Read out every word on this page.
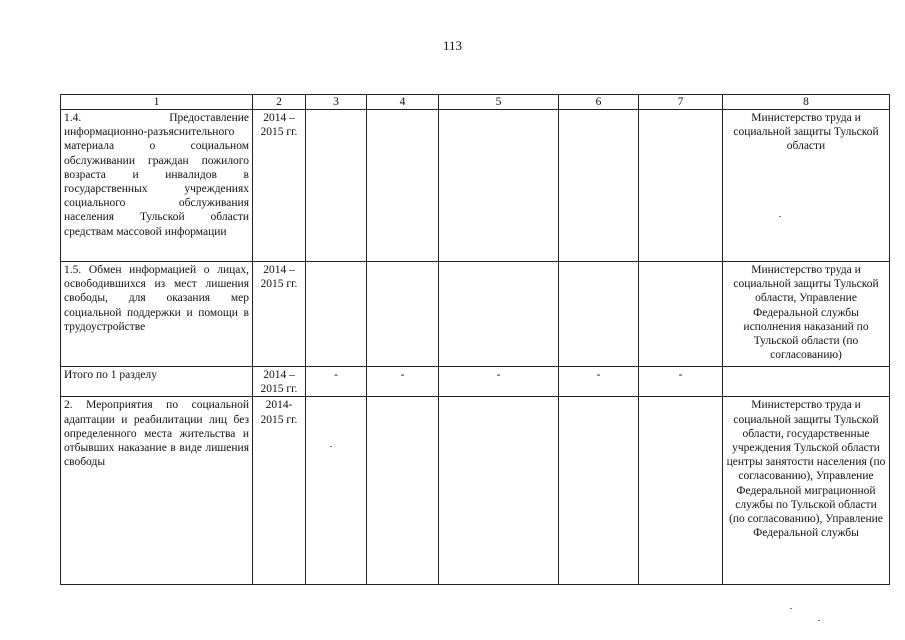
113
1	2	3	4	5	6	7	8
1.4. Предоставление информационно-разъяснительного материала о социальном обслуживании граждан пожилого возраста и инвалидов в государственных учреждениях социального обслуживания населения Тульской области средствам массовой информации	2014 – 2015 гг.						Министерство труда и социальной защиты Тульской области
1.5. Обмен информацией о лицах, освободившихся из мест лишения свободы, для оказания мер социальной поддержки и помощи в трудоустройстве	2014 – 2015 гг.						Министерство труда и социальной защиты Тульской области, Управление Федеральной службы исполнения наказаний по Тульской области (по согласованию)
Итого по 1 разделу	2014 – 2015 гг.	-	-	-	-	-	
2. Мероприятия по социальной адаптации и реабилитации лиц без определенного места жительства и отбывших наказание в виде лишения свободы	2014-2015 гг.						Министерство труда и социальной защиты Тульской области, государственные учреждения Тульской области центры занятости населения (по согласованию), Управление Федеральной миграционной службы по Тульской области (по согласованию), Управление Федеральной службы
